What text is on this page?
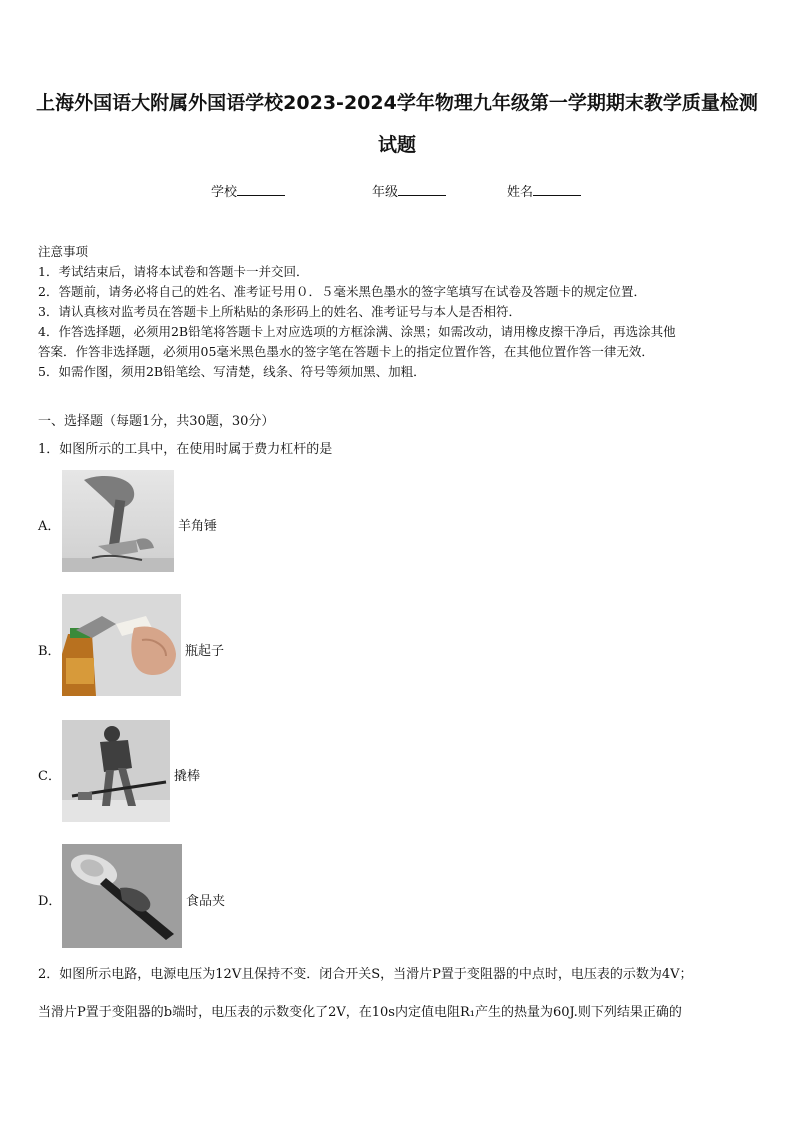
上海外国语大附属外国语学校2023-2024学年物理九年级第一学期期末教学质量检测
试题
学校	年级	姓名
注意事项
1．考试结束后，请将本试卷和答题卡一并交回．
2．答题前，请务必将自己的姓名、准考证号用０．５毫米黑色墨水的签字笔填写在试卷及答题卡的规定位置．
3．请认真核对监考员在答题卡上所粘贴的条形码上的姓名、准考证号与本人是否相符．
4．作答选择题，必须用2B铅笔将答题卡上对应选项的方框涂满、涂黑；如需改动，请用橡皮擦干净后，再选涂其他
答案．作答非选择题，必须用05毫米黑色墨水的签字笔在答题卡上的指定位置作答，在其他位置作答一律无效．
5．如需作图，须用2B铅笔绘、写清楚，线条、符号等须加黑、加粗．
一、选择题（每题1分，共30题，30分）
1．如图所示的工具中，在使用时属于费力杠杆的是
A．	羊角锤
B．	瓶起子
C．	撬棒
D．	食品夹
2．如图所示电路，电源电压为12V且保持不变．闭合开关S，当滑片P置于变阻器的中点时，电压表的示数为4V；
当滑片P置于变阻器的b端时，电压表的示数变化了2V，在10s内定值电阻R₁产生的热量为60J.则下列结果正确的
